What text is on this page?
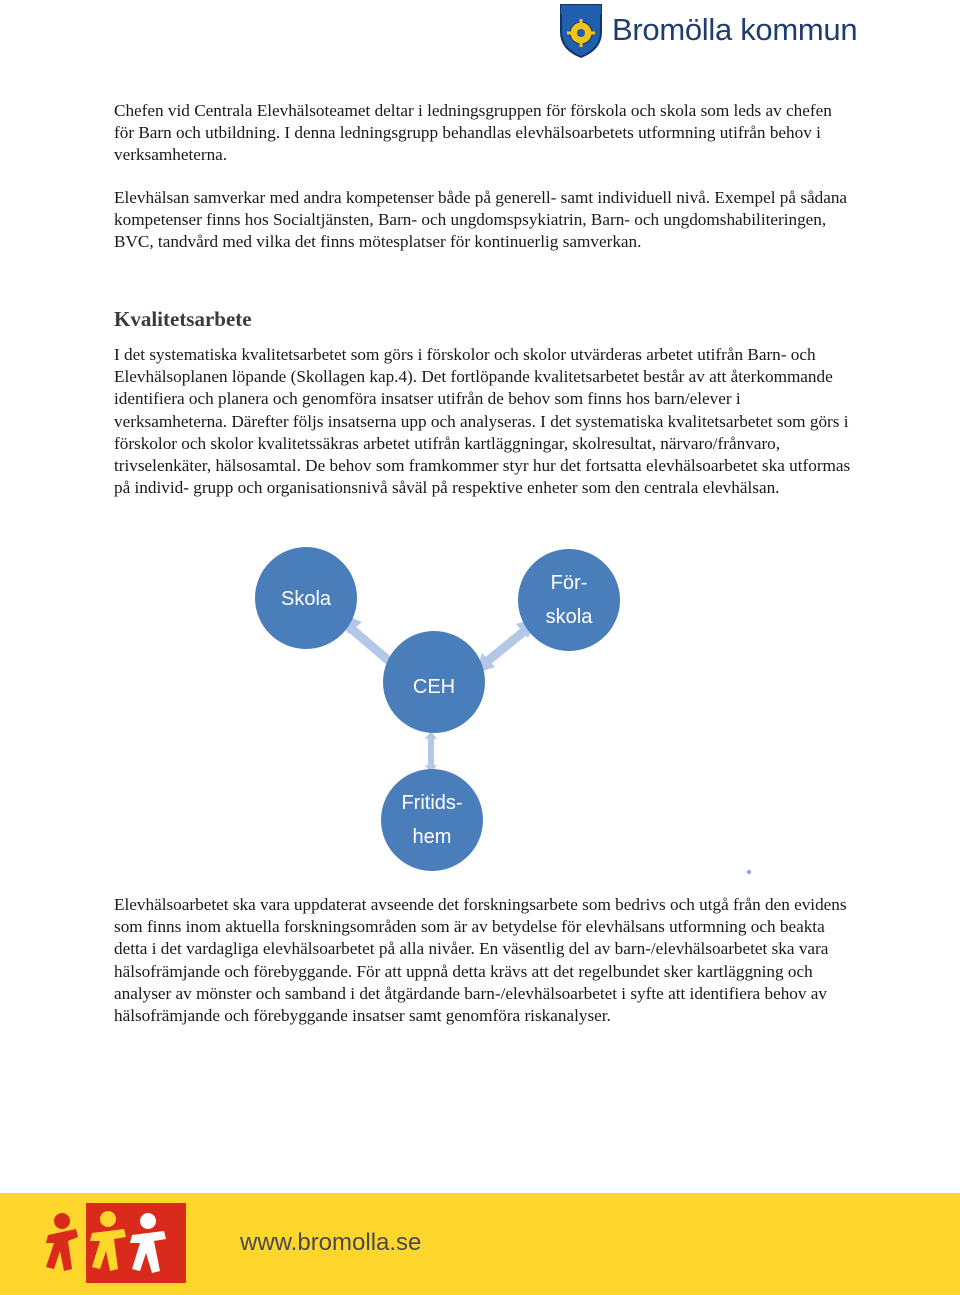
Bromölla kommun

Chefen vid Centrala Elevhälsoteamet deltar i ledningsgruppen för förskola och skola som leds av chefen för Barn och utbildning. I denna ledningsgrupp behandlas elevhälsoarbetets utformning utifrån behov i verksamheterna.

Elevhälsan samverkar med andra kompetenser både på generell- samt individuell nivå. Exempel på sådana kompetenser finns hos Socialtjänsten, Barn- och ungdomspsykiatrin, Barn- och ungdomshabiliteringen, BVC, tandvård med vilka det finns mötesplatser för kontinuerlig samverkan.

Kvalitetsarbete

I det systematiska kvalitetsarbetet som görs i förskolor och skolor utvärderas arbetet utifrån Barn- och Elevhälsoplanen löpande (Skollagen kap.4). Det fortlöpande kvalitetsarbetet består av att återkommande identifiera och planera och genomföra insatser utifrån de behov som finns hos barn/elever i verksamheterna. Därefter följs insatserna upp och analyseras. I det systematiska kvalitetsarbetet som görs i förskolor och skolor kvalitetssäkras arbetet utifrån kartläggningar, skolresultat, närvaro/frånvaro, trivselenkäter, hälsosamtal. De behov som framkommer styr hur det fortsatta elevhälsoarbetet ska utformas på individ- grupp och organisationsnivå såväl på respektive enheter som den centrala elevhälsan.

Skola
För-
skola
CEH
Fritids-
hem

Elevhälsoarbetet ska vara uppdaterat avseende det forskningsarbete som bedrivs och utgå från den evidens som finns inom aktuella forskningsområden som är av betydelse för elevhälsans utformning och beakta detta i det vardagliga elevhälsoarbetet på alla nivåer. En väsentlig del av barn-/elevhälsoarbetet ska vara hälsofrämjande och förebyggande. För att uppnå detta krävs att det regelbundet sker kartläggning och analyser av mönster och samband i det åtgärdande barn-/elevhälsoarbetet i syfte att identifiera behov av hälsofrämjande och förebyggande insatser samt genomföra riskanalyser.

www.bromolla.se
